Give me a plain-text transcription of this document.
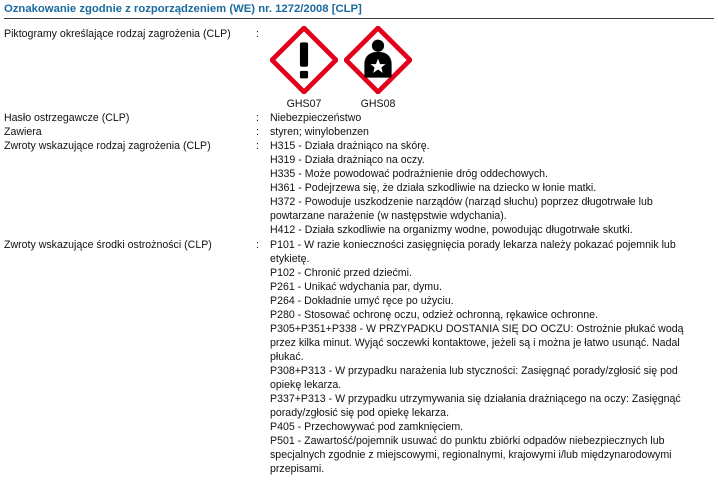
Oznakowanie zgodnie z rozporządzeniem (WE) nr. 1272/2008 [CLP]
Piktogramy określające rodzaj zagrożenia (CLP) :
GHS07	GHS08
Hasło ostrzegawcze (CLP)	: Niebezpieczeństwo
Zawiera	: styren; winylobenzen
Zwroty wskazujące rodzaj zagrożenia (CLP)	: H315 - Działa drażniąco na skórę.
H319 - Działa drażniąco na oczy.
H335 - Może powodować podrażnienie dróg oddechowych.
H361 - Podejrzewa się, że działa szkodliwie na dziecko w łonie matki.
H372 - Powoduje uszkodzenie narządów (narząd słuchu) poprzez długotrwałe lub
powtarzane narażenie (w następstwie wdychania).
H412 - Działa szkodliwie na organizmy wodne, powodując długotrwałe skutki.
Zwroty wskazujące środki ostrożności (CLP)	: P101 - W razie konieczności zasięgnięcia porady lekarza należy pokazać pojemnik lub
etykietę.
P102 - Chronić przed dziećmi.
P261 - Unikać wdychania par, dymu.
P264 - Dokładnie umyć ręce po użyciu.
P280 - Stosować ochronę oczu, odzież ochronną, rękawice ochronne.
P305+P351+P338 - W PRZYPADKU DOSTANIA SIĘ DO OCZU: Ostrożnie płukać wodą
przez kilka minut. Wyjąć soczewki kontaktowe, jeżeli są i można je łatwo usunąć. Nadal
płukać.
P308+P313 - W przypadku narażenia lub styczności: Zasięgnąć porady/zgłosić się pod
opiekę lekarza.
P337+P313 - W przypadku utrzymywania się działania drażniącego na oczy: Zasięgnąć
porady/zgłosić się pod opiekę lekarza.
P405 - Przechowywać pod zamknięciem.
P501 - Zawartość/pojemnik usuwać do punktu zbiórki odpadów niebezpiecznych lub
specjalnych zgodnie z miejscowymi, regionalnymi, krajowymi i/lub międzynarodowymi
przepisami.
